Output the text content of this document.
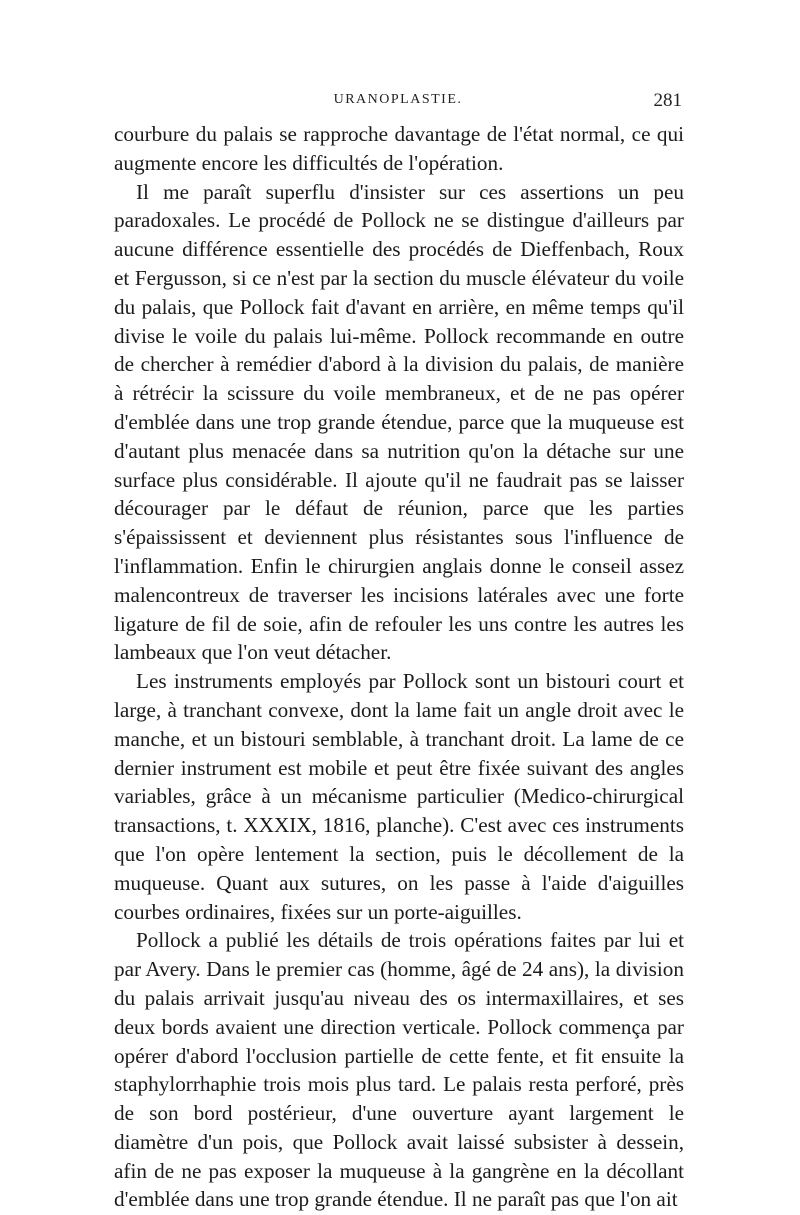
URANOPLASTIE.	281

courbure du palais se rapproche davantage de l'état normal, ce qui augmente encore les difficultés de l'opération.

Il me paraît superflu d'insister sur ces assertions un peu paradoxales. Le procédé de Pollock ne se distingue d'ailleurs par aucune différence essentielle des procédés de Dieffenbach, Roux et Fergusson, si ce n'est par la section du muscle élévateur du voile du palais, que Pollock fait d'avant en arrière, en même temps qu'il divise le voile du palais lui-même. Pollock recommande en outre de chercher à remédier d'abord à la division du palais, de manière à rétrécir la scissure du voile membraneux, et de ne pas opérer d'emblée dans une trop grande étendue, parce que la muqueuse est d'autant plus menacée dans sa nutrition qu'on la détache sur une surface plus considérable. Il ajoute qu'il ne faudrait pas se laisser décourager par le défaut de réunion, parce que les parties s'épaississent et deviennent plus résistantes sous l'influence de l'inflammation. Enfin le chirurgien anglais donne le conseil assez malencontreux de traverser les incisions latérales avec une forte ligature de fil de soie, afin de refouler les uns contre les autres les lambeaux que l'on veut détacher.

Les instruments employés par Pollock sont un bistouri court et large, à tranchant convexe, dont la lame fait un angle droit avec le manche, et un bistouri semblable, à tranchant droit. La lame de ce dernier instrument est mobile et peut être fixée suivant des angles variables, grâce à un mécanisme particulier (Medico-chirurgical transactions, t. XXXIX, 1816, planche). C'est avec ces instruments que l'on opère lentement la section, puis le décollement de la muqueuse. Quant aux sutures, on les passe à l'aide d'aiguilles courbes ordinaires, fixées sur un porte-aiguilles.

Pollock a publié les détails de trois opérations faites par lui et par Avery. Dans le premier cas (homme, âgé de 24 ans), la division du palais arrivait jusqu'au niveau des os intermaxillaires, et ses deux bords avaient une direction verticale. Pollock commença par opérer d'abord l'occlusion partielle de cette fente, et fit ensuite la staphylorrhaphie trois mois plus tard. Le palais resta perforé, près de son bord postérieur, d'une ouverture ayant largement le diamètre d'un pois, que Pollock avait laissé subsister à dessein, afin de ne pas exposer la muqueuse à la gangrène en la décollant d'emblée dans une trop grande étendue. Il ne paraît pas que l'on ait
